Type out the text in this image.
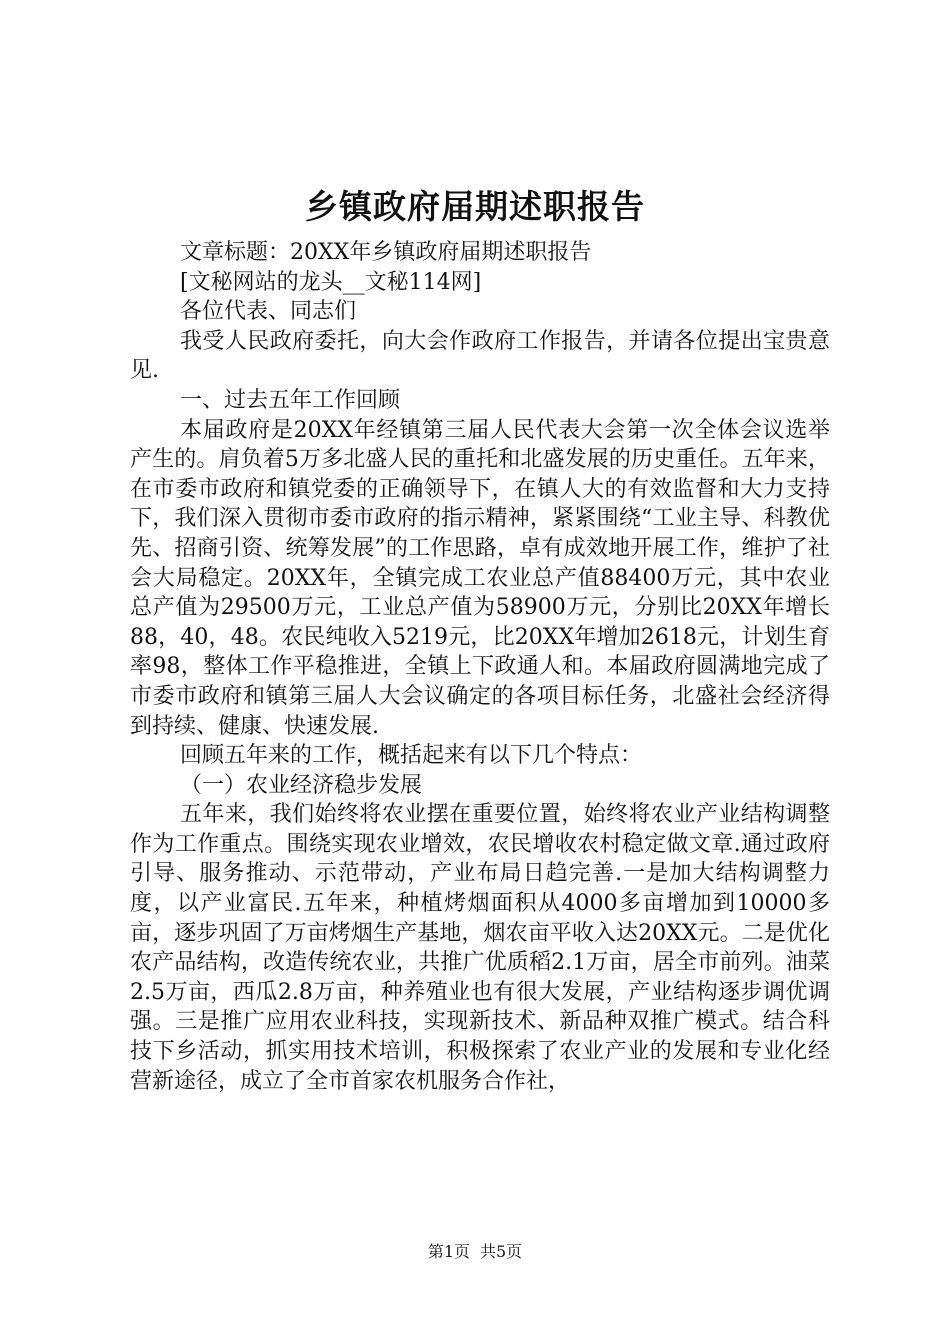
乡镇政府届期述职报告

文章标题：20XX年乡镇政府届期述职报告

[文秘网站的龙头__文秘114网]

各位代表、同志们

我受人民政府委托，向大会作政府工作报告，并请各位提出宝贵意见.

一、过去五年工作回顾

本届政府是20XX年经镇第三届人民代表大会第一次全体会议选举产生的。肩负着5万多北盛人民的重托和北盛发展的历史重任。五年来，在市委市政府和镇党委的正确领导下，在镇人大的有效监督和大力支持下，我们深入贯彻市委市政府的指示精神，紧紧围绕“工业主导、科教优先、招商引资、统筹发展”的工作思路，卓有成效地开展工作，维护了社会大局稳定。20XX年，全镇完成工农业总产值88400万元，其中农业总产值为29500万元，工业总产值为58900万元，分别比20XX年增长88，40，48。农民纯收入5219元，比20XX年增加2618元，计划生育率98，整体工作平稳推进，全镇上下政通人和。本届政府圆满地完成了市委市政府和镇第三届人大会议确定的各项目标任务，北盛社会经济得到持续、健康、快速发展.

回顾五年来的工作，概括起来有以下几个特点：

（一）农业经济稳步发展

五年来，我们始终将农业摆在重要位置，始终将农业产业结构调整作为工作重点。围绕实现农业增效，农民增收农村稳定做文章.通过政府引导、服务推动、示范带动，产业布局日趋完善.一是加大结构调整力度，以产业富民.五年来，种植烤烟面积从4000多亩增加到10000多亩，逐步巩固了万亩烤烟生产基地，烟农亩平收入达20XX元。二是优化农产品结构，改造传统农业，共推广优质稻2.1万亩，居全市前列。油菜2.5万亩，西瓜2.8万亩，种养殖业也有很大发展，产业结构逐步调优调强。三是推广应用农业科技，实现新技术、新品种双推广模式。结合科技下乡活动，抓实用技术培训，积极探索了农业产业的发展和专业化经营新途径，成立了全市首家农机服务合作社，

第1页 共5页
